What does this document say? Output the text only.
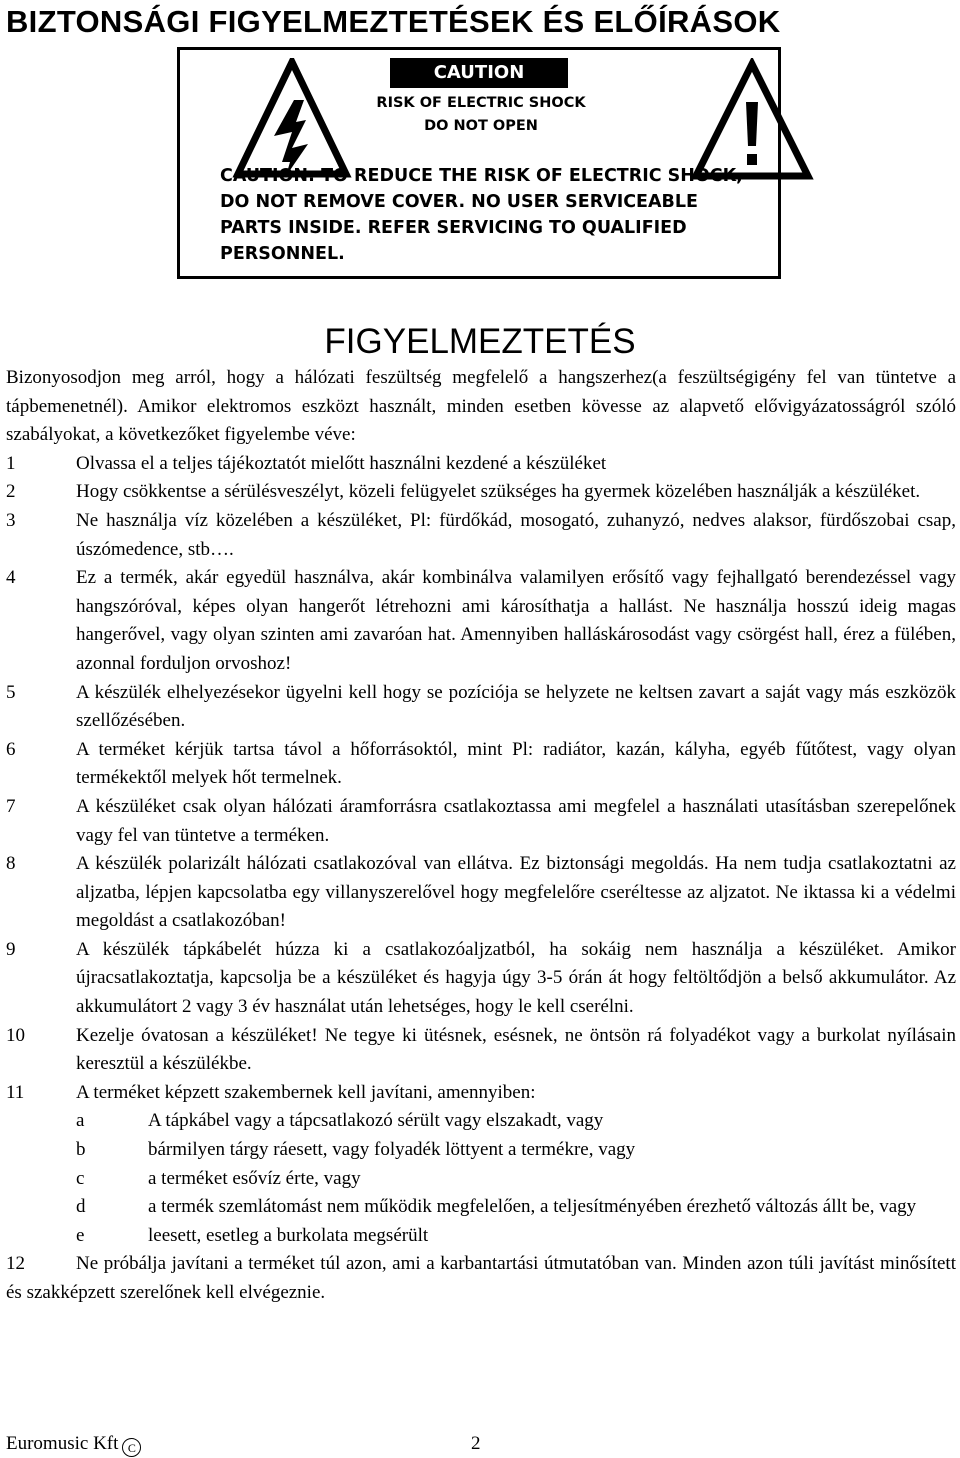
BIZTONSÁGI FIGYELMEZTETÉSEK ÉS ELŐÍRÁSOK
CAUTION
RISK OF ELECTRIC SHOCK
DO NOT OPEN
CAUTION: TO REDUCE THE RISK OF ELECTRIC SHOCK,
DO NOT REMOVE COVER. NO USER SERVICEABLE
PARTS INSIDE. REFER SERVICING TO QUALIFIED
PERSONNEL.
FIGYELMEZTETÉS
Bizonyosodjon meg arról, hogy a hálózati feszültség megfelelő a hangszerhez(a feszültségigény fel van tüntetve a tápbemenetnél). Amikor elektromos eszközt használt, minden esetben kövesse az alapvető elővigyázatosságról szóló szabályokat, a következőket figyelembe véve:
1	Olvassa el a teljes tájékoztatót mielőtt használni kezdené a készüléket
2	Hogy csökkentse a sérülésveszélyt, közeli felügyelet szükséges ha gyermek közelében használják a készüléket.
3	Ne használja víz közelében a készüléket, Pl: fürdőkád, mosogató, zuhanyzó, nedves alaksor, fürdőszobai csap, úszómedence, stb….
4	Ez a termék, akár egyedül használva, akár kombinálva valamilyen erősítő vagy fejhallgató berendezéssel vagy hangszóróval, képes olyan hangerőt létrehozni ami károsíthatja a hallást. Ne használja hosszú ideig magas hangerővel, vagy olyan szinten ami zavaróan hat. Amennyiben halláskárosodást vagy csörgést hall, érez a fülében, azonnal forduljon orvoshoz!
5	A készülék elhelyezésekor ügyelni kell hogy se pozíciója se helyzete ne keltsen zavart a saját vagy más eszközök szellőzésében.
6	A terméket kérjük tartsa távol a hőforrásoktól, mint Pl: radiátor, kazán, kályha, egyéb fűtőtest, vagy olyan termékektől melyek hőt termelnek.
7	A készüléket csak olyan hálózati áramforrásra csatlakoztassa ami megfelel a használati utasításban szerepelőnek vagy fel van tüntetve a terméken.
8	A készülék polarizált hálózati csatlakozóval van ellátva. Ez biztonsági megoldás. Ha nem tudja csatlakoztatni az aljzatba, lépjen kapcsolatba egy villanyszerelővel hogy megfelelőre cseréltesse az aljzatot. Ne iktassa ki a védelmi megoldást a csatlakozóban!
9	A készülék tápkábelét húzza ki a csatlakozóaljzatból, ha sokáig nem használja a készüléket. Amikor újracsatlakoztatja, kapcsolja be a készüléket és hagyja úgy 3-5 órán át hogy feltöltődjön a belső akkumulátor. Az akkumulátort 2 vagy 3 év használat után lehetséges, hogy le kell cserélni.
10	Kezelje óvatosan a készüléket! Ne tegye ki ütésnek, esésnek, ne öntsön rá folyadékot vagy a burkolat nyílásain keresztül a készülékbe.
11	A terméket képzett szakembernek kell javítani, amennyiben:
a	A tápkábel vagy a tápcsatlakozó sérült vagy elszakadt, vagy
b	bármilyen tárgy ráesett, vagy folyadék löttyent a termékre, vagy
c	a terméket esővíz érte, vagy
d	a termék szemlátomást nem működik megfelelően, a teljesítményében érezhető változás állt be, vagy
e	leesett, esetleg a burkolata megsérült
12	Ne próbálja javítani a terméket túl azon, ami a karbantartási útmutatóban van. Minden azon túli javítást minősített és szakképzett szerelőnek kell elvégeznie.
Euromusic Kft C	2
